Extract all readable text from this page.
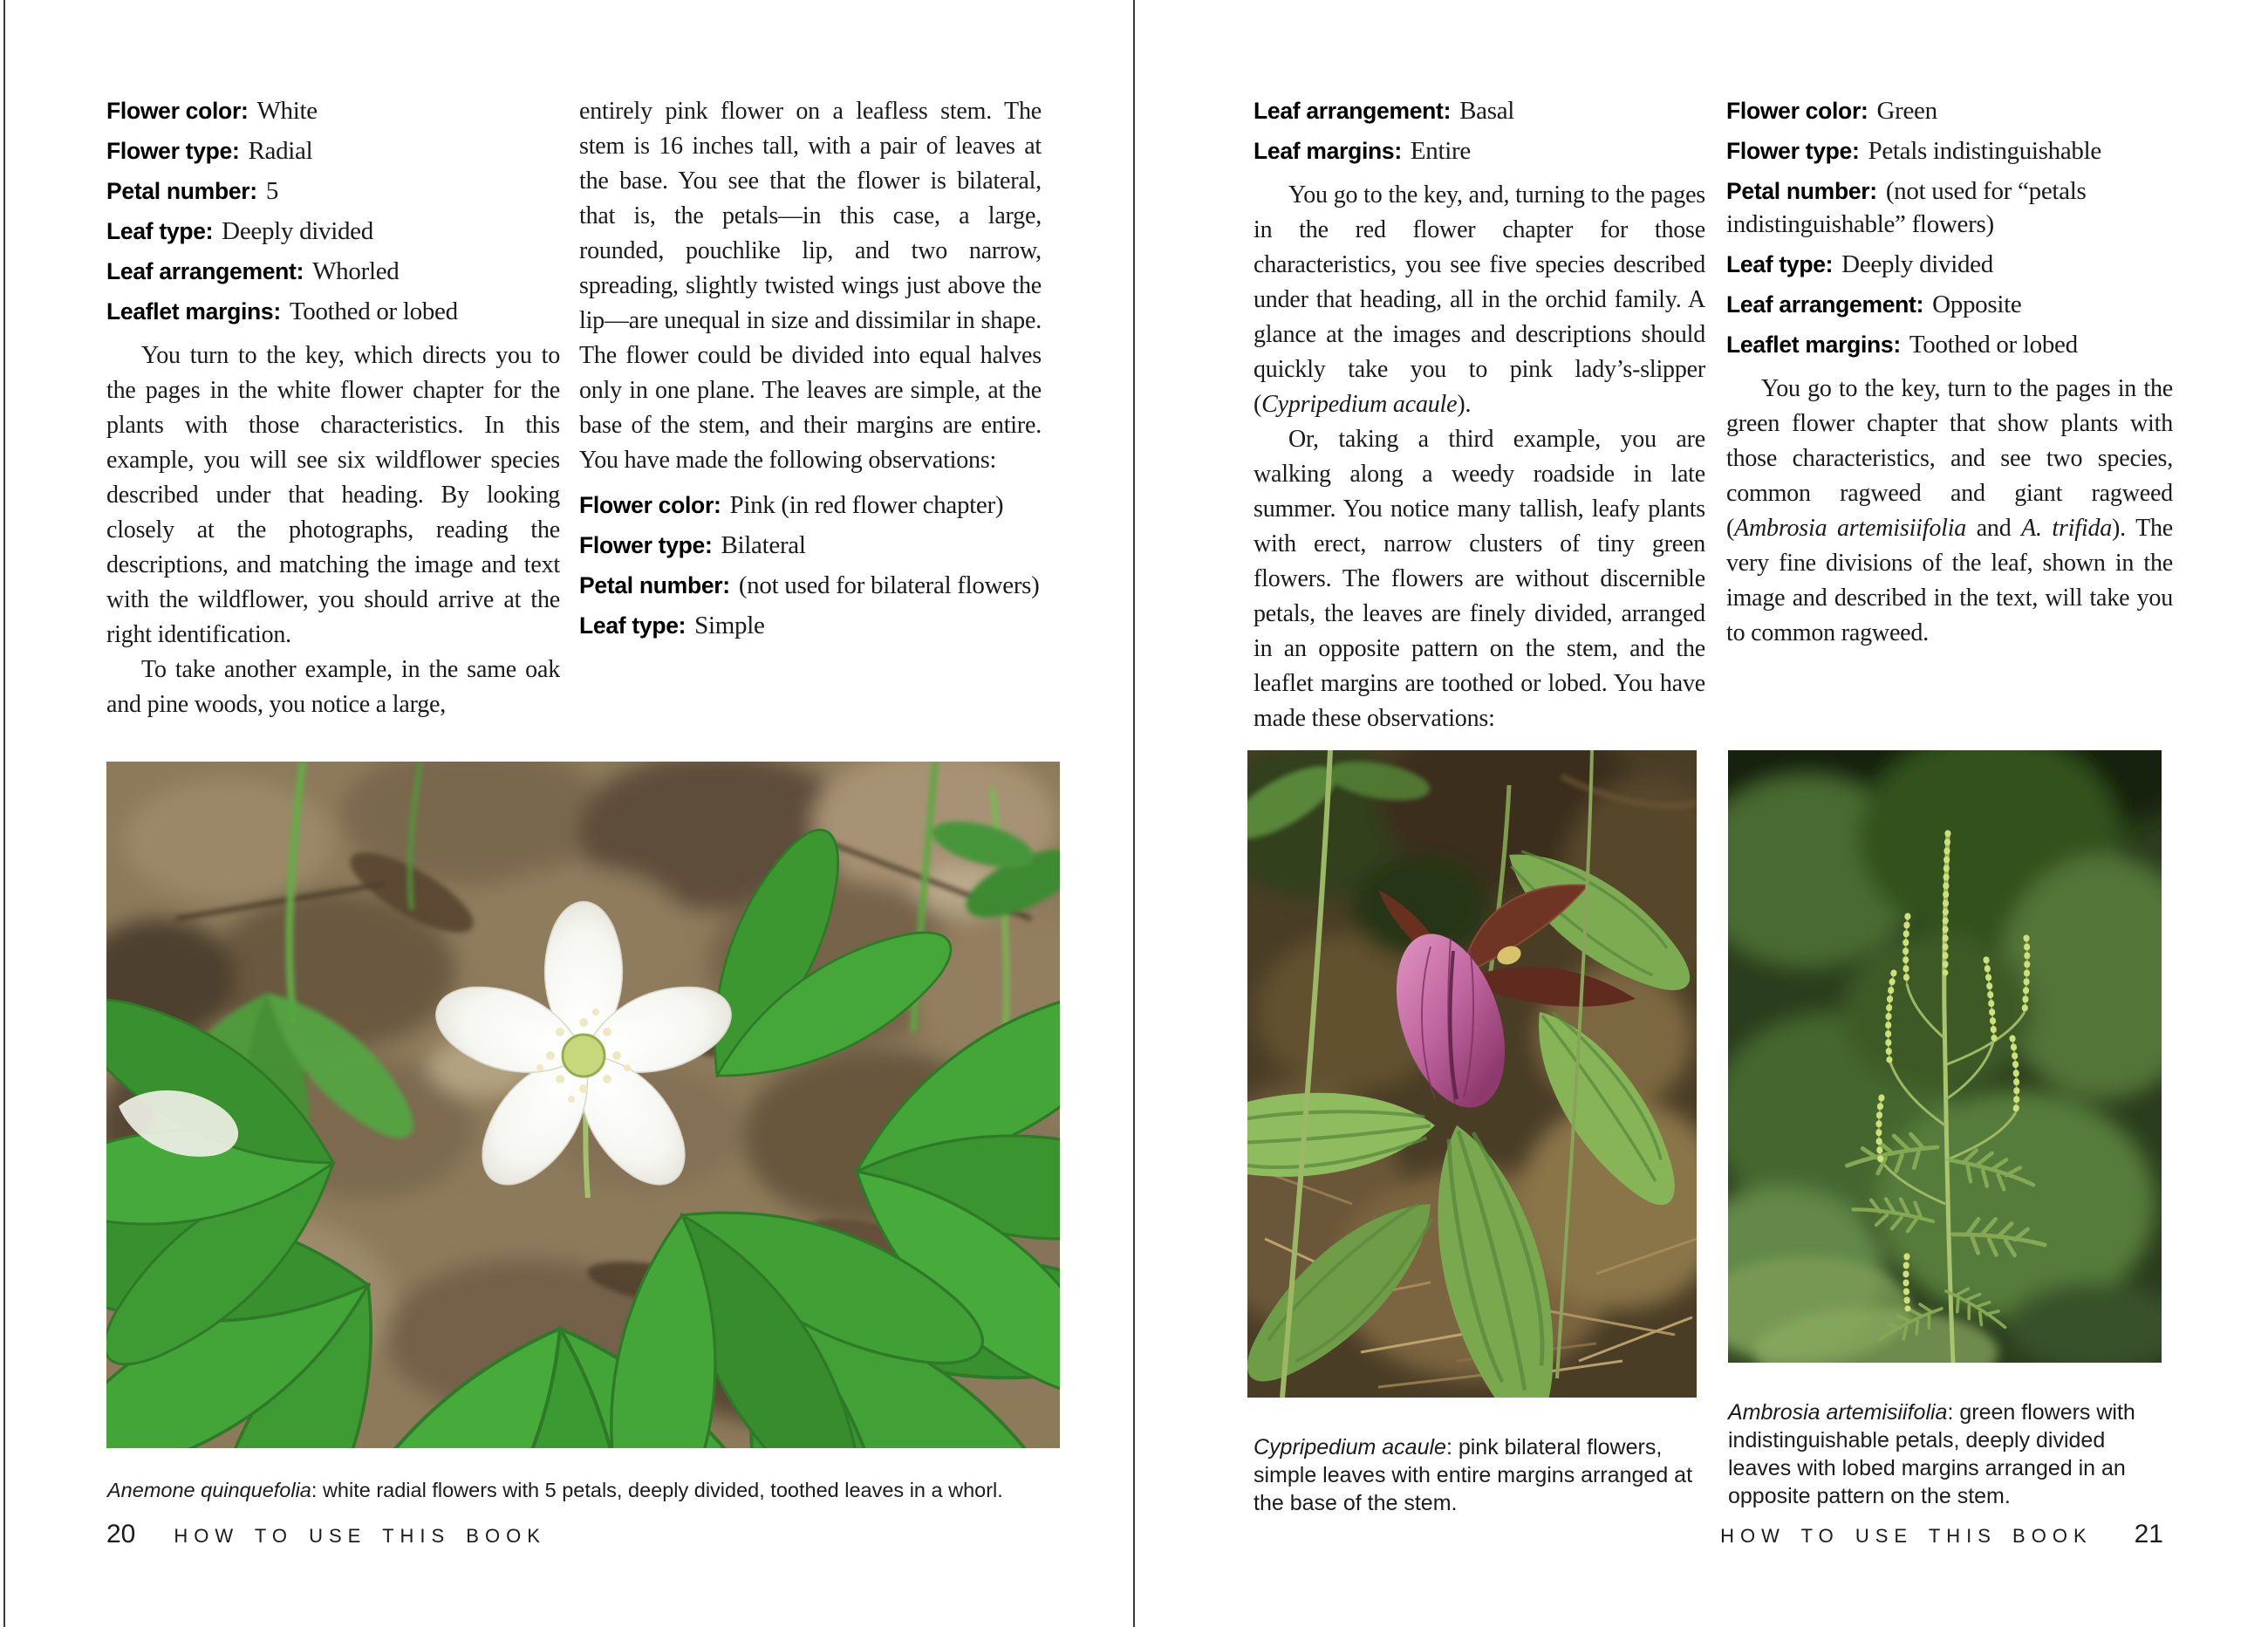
Flower color: White

Flower type: Radial

Petal number: 5

Leaf type: Deeply divided

Leaf arrangement: Whorled

Leaflet margins: Toothed or lobed

You turn to the key, which directs you to the pages in the white flower chapter for the plants with those characteristics. In this example, you will see six wildflower species described under that heading. By looking closely at the photographs, reading the descriptions, and matching the image and text with the wildflower, you should arrive at the right identification.

To take another example, in the same oak and pine woods, you notice a large,

entirely pink flower on a leafless stem. The stem is 16 inches tall, with a pair of leaves at the base. You see that the flower is bilateral, that is, the petals—in this case, a large, rounded, pouchlike lip, and two narrow, spreading, slightly twisted wings just above the lip—are unequal in size and dissimilar in shape. The flower could be divided into equal halves only in one plane. The leaves are simple, at the base of the stem, and their margins are entire. You have made the following observations:

Flower color: Pink (in red flower chapter)

Flower type: Bilateral

Petal number: (not used for bilateral flowers)

Leaf type: Simple

Anemone quinquefolia: white radial flowers with 5 petals, deeply divided, toothed leaves in a whorl.

20 HOW TO USE THIS BOOK

Leaf arrangement: Basal

Leaf margins: Entire

You go to the key, and, turning to the pages in the red flower chapter for those characteristics, you see five species described under that heading, all in the orchid family. A glance at the images and descriptions should quickly take you to pink lady’s-slipper (Cypripedium acaule).

Or, taking a third example, you are walking along a weedy roadside in late summer. You notice many tallish, leafy plants with erect, narrow clusters of tiny green flowers. The flowers are without discernible petals, the leaves are finely divided, arranged in an opposite pattern on the stem, and the leaflet margins are toothed or lobed. You have made these observations:

Flower color: Green

Flower type: Petals indistinguishable

Petal number: (not used for “petals indistinguishable” flowers)

Leaf type: Deeply divided

Leaf arrangement: Opposite

Leaflet margins: Toothed or lobed

You go to the key, turn to the pages in the green flower chapter that show plants with those characteristics, and see two species, common ragweed and giant ragweed (Ambrosia artemisiifolia and A. trifida). The very fine divisions of the leaf, shown in the image and described in the text, will take you to common ragweed.

Cypripedium acaule: pink bilateral flowers, simple leaves with entire margins arranged at the base of the stem.

Ambrosia artemisiifolia: green flowers with indistinguishable petals, deeply divided leaves with lobed margins arranged in an opposite pattern on the stem.

HOW TO USE THIS BOOK 21
